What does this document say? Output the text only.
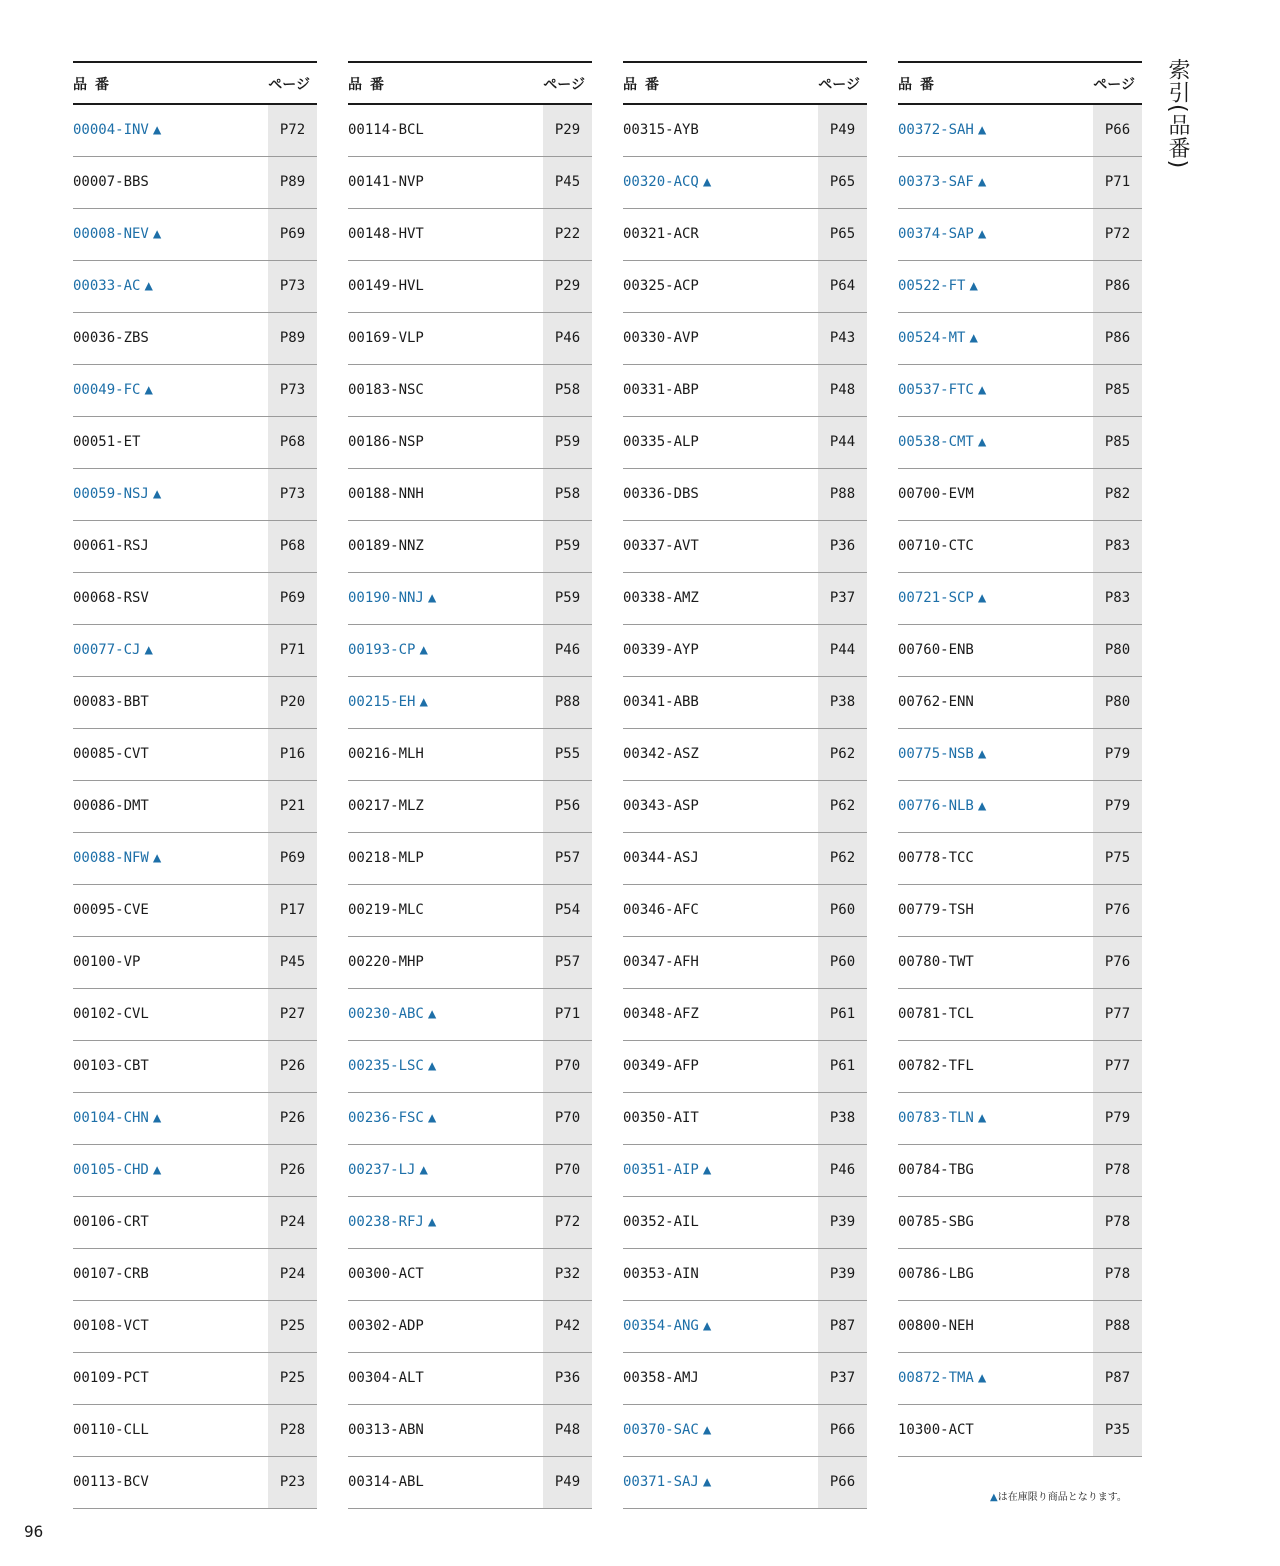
品番	ページ
00004-INV ▲	P72
00007-BBS	P89
00008-NEV ▲	P69
00033-AC ▲	P73
00036-ZBS	P89
00049-FC ▲	P73
00051-ET	P68
00059-NSJ ▲	P73
00061-RSJ	P68
00068-RSV	P69
00077-CJ ▲	P71
00083-BBT	P20
00085-CVT	P16
00086-DMT	P21
00088-NFW ▲	P69
00095-CVE	P17
00100-VP	P45
00102-CVL	P27
00103-CBT	P26
00104-CHN ▲	P26
00105-CHD ▲	P26
00106-CRT	P24
00107-CRB	P24
00108-VCT	P25
00109-PCT	P25
00110-CLL	P28
00113-BCV	P23
品番	ページ
00114-BCL	P29
00141-NVP	P45
00148-HVT	P22
00149-HVL	P29
00169-VLP	P46
00183-NSC	P58
00186-NSP	P59
00188-NNH	P58
00189-NNZ	P59
00190-NNJ ▲	P59
00193-CP ▲	P46
00215-EH ▲	P88
00216-MLH	P55
00217-MLZ	P56
00218-MLP	P57
00219-MLC	P54
00220-MHP	P57
00230-ABC ▲	P71
00235-LSC ▲	P70
00236-FSC ▲	P70
00237-LJ ▲	P70
00238-RFJ ▲	P72
00300-ACT	P32
00302-ADP	P42
00304-ALT	P36
00313-ABN	P48
00314-ABL	P49
品番	ページ
00315-AYB	P49
00320-ACQ ▲	P65
00321-ACR	P65
00325-ACP	P64
00330-AVP	P43
00331-ABP	P48
00335-ALP	P44
00336-DBS	P88
00337-AVT	P36
00338-AMZ	P37
00339-AYP	P44
00341-ABB	P38
00342-ASZ	P62
00343-ASP	P62
00344-ASJ	P62
00346-AFC	P60
00347-AFH	P60
00348-AFZ	P61
00349-AFP	P61
00350-AIT	P38
00351-AIP ▲	P46
00352-AIL	P39
00353-AIN	P39
00354-ANG ▲	P87
00358-AMJ	P37
00370-SAC ▲	P66
00371-SAJ ▲	P66
品番	ページ
00372-SAH ▲	P66
00373-SAF ▲	P71
00374-SAP ▲	P72
00522-FT ▲	P86
00524-MT ▲	P86
00537-FTC ▲	P85
00538-CMT ▲	P85
00700-EVM	P82
00710-CTC	P83
00721-SCP ▲	P83
00760-ENB	P80
00762-ENN	P80
00775-NSB ▲	P79
00776-NLB ▲	P79
00778-TCC	P75
00779-TSH	P76
00780-TWT	P76
00781-TCL	P77
00782-TFL	P77
00783-TLN ▲	P79
00784-TBG	P78
00785-SBG	P78
00786-LBG	P78
00800-NEH	P88
00872-TMA ▲	P87
10300-ACT	P35
索引(品番)
▲は在庫限り商品となります。
96
